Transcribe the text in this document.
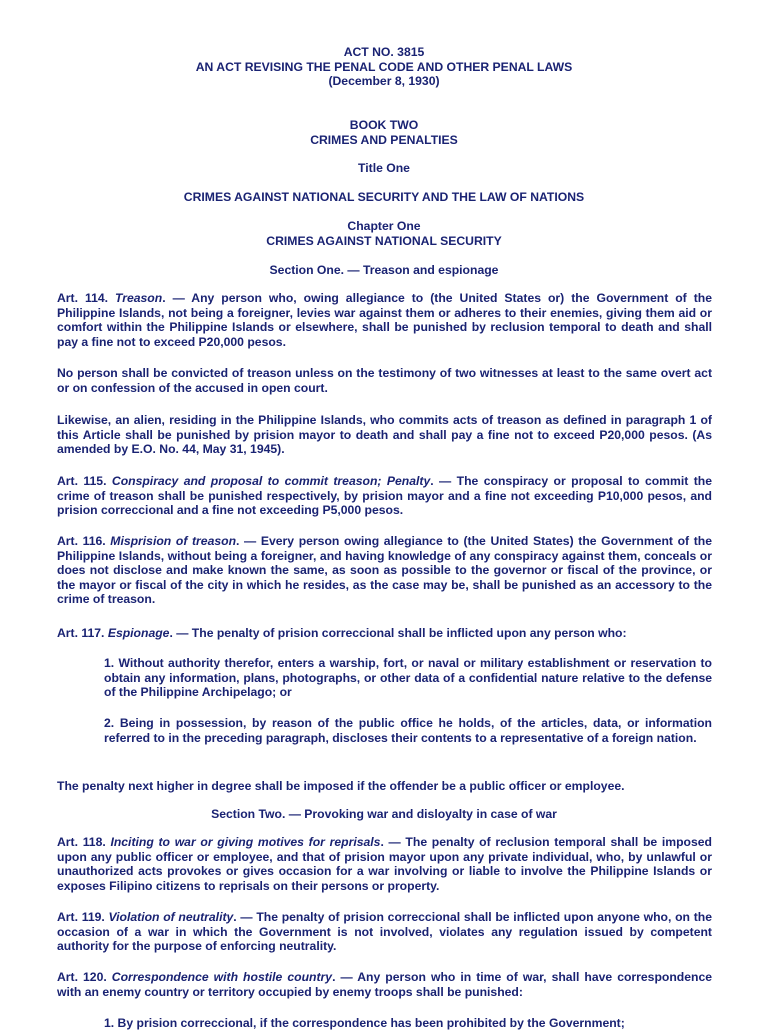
ACT NO. 3815

AN ACT REVISING THE PENAL CODE AND OTHER PENAL LAWS

(December 8, 1930)

BOOK TWO

CRIMES AND PENALTIES

Title One
CRIMES AGAINST NATIONAL SECURITY AND THE LAW OF NATIONS

Chapter One

CRIMES AGAINST NATIONAL SECURITY

Section One. — Treason and espionage

Art. 114. Treason. — Any person who, owing allegiance to (the United States or) the Government of the Philippine Islands, not being a foreigner, levies war against them or adheres to their enemies, giving them aid or comfort within the Philippine Islands or elsewhere, shall be punished by reclusion temporal to death and shall pay a fine not to exceed P20,000 pesos.

No person shall be convicted of treason unless on the testimony of two witnesses at least to the same overt act or on confession of the accused in open court.

Likewise, an alien, residing in the Philippine Islands, who commits acts of treason as defined in paragraph 1 of this Article shall be punished by prision mayor to death and shall pay a fine not to exceed P20,000 pesos. (As amended by E.O. No. 44, May 31, 1945).

Art. 115. Conspiracy and proposal to commit treason; Penalty. — The conspiracy or proposal to commit the crime of treason shall be punished respectively, by prision mayor and a fine not exceeding P10,000 pesos, and prision correccional and a fine not exceeding P5,000 pesos.

Art. 116. Misprision of treason. — Every person owing allegiance to (the United States) the Government of the Philippine Islands, without being a foreigner, and having knowledge of any conspiracy against them, conceals or does not disclose and make known the same, as soon as possible to the governor or fiscal of the province, or the mayor or fiscal of the city in which he resides, as the case may be, shall be punished as an accessory to the crime of treason.

Art. 117. Espionage. — The penalty of prision correccional shall be inflicted upon any person who:

1. Without authority therefor, enters a warship, fort, or naval or military establishment or reservation to obtain any information, plans, photographs, or other data of a confidential nature relative to the defense of the Philippine Archipelago; or

2. Being in possession, by reason of the public office he holds, of the articles, data, or information referred to in the preceding paragraph, discloses their contents to a representative of a foreign nation.

The penalty next higher in degree shall be imposed if the offender be a public officer or employee.

Section Two. — Provoking war and disloyalty in case of war

Art. 118. Inciting to war or giving motives for reprisals. — The penalty of reclusion temporal shall be imposed upon any public officer or employee, and that of prision mayor upon any private individual, who, by unlawful or unauthorized acts provokes or gives occasion for a war involving or liable to involve the Philippine Islands or exposes Filipino citizens to reprisals on their persons or property.

Art. 119. Violation of neutrality. — The penalty of prision correccional shall be inflicted upon anyone who, on the occasion of a war in which the Government is not involved, violates any regulation issued by competent authority for the purpose of enforcing neutrality.

Art. 120. Correspondence with hostile country. — Any person who in time of war, shall have correspondence with an enemy country or territory occupied by enemy troops shall be punished:

1. By prision correccional, if the correspondence has been prohibited by the Government;
